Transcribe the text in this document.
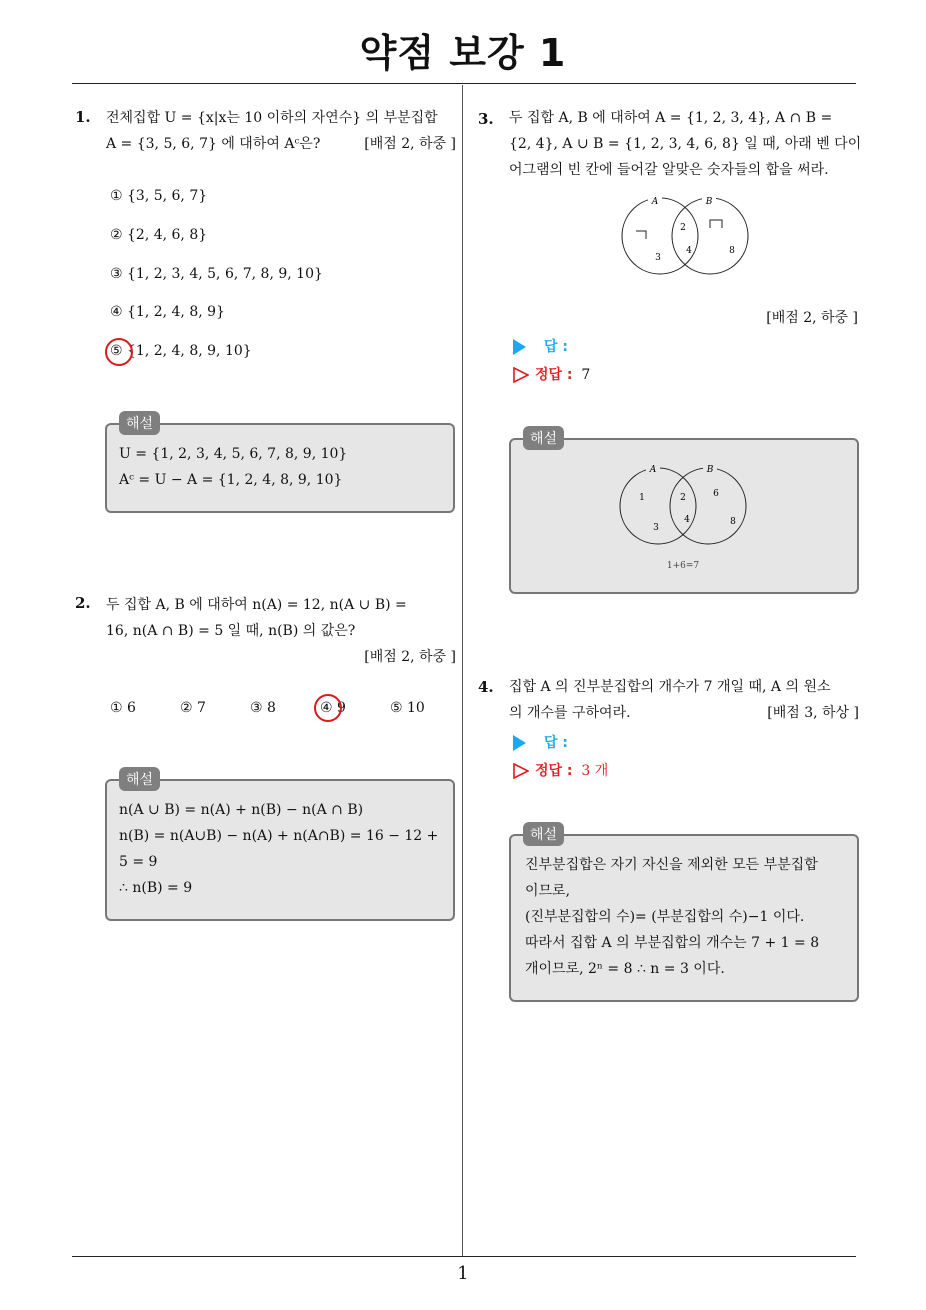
약점 보강 1
1
1. 전체집합 U = {x|x는 10 이하의 자연수} 의 부분집합
A = {3, 5, 6, 7} 에 대하여 Aᶜ은?	[배점 2, 하중 ]
① {3, 5, 6, 7}
② {2, 4, 6, 8}
③ {1, 2, 3, 4, 5, 6, 7, 8, 9, 10}
④ {1, 2, 4, 8, 9}
⑤ {1, 2, 4, 8, 9, 10}
해설
U = {1, 2, 3, 4, 5, 6, 7, 8, 9, 10}
Aᶜ = U − A = {1, 2, 4, 8, 9, 10}
2. 두 집합 A, B 에 대하여 n(A) = 12, n(A ∪ B) =
16, n(A ∩ B) = 5 일 때, n(B) 의 값은?
[배점 2, 하중 ]
① 6	② 7	③ 8	④ 9	⑤ 10
해설
n(A ∪ B) = n(A) + n(B) − n(A ∩ B)
n(B) = n(A∪B) − n(A) + n(A∩B) = 16 − 12 +
5 = 9
∴ n(B) = 9
3. 두 집합 A, B 에 대하여 A = {1, 2, 3, 4}, A ∩ B =
{2, 4}, A ∪ B = {1, 2, 3, 4, 6, 8} 일 때, 아래 벤 다이
어그램의 빈 칸에 들어갈 알맞은 숫자들의 합을 써라.
A	B
2
3
4	8
[배점 2, 하중 ]
답 :
정답 : 7
해설
A	B
1	2
3
4
6
8
1+6=7
4. 집합 A 의 진부분집합의 개수가 7 개일 때, A 의 원소
의 개수를 구하여라.	[배점 3, 하상 ]
답 :
정답 : 3 개
해설
진부분집합은 자기 자신을 제외한 모든 부분집합
이므로,
(진부분집합의 수)= (부분집합의 수)−1 이다.
따라서 집합 A 의 부분집합의 개수는 7 + 1 = 8
개이므로, 2ⁿ = 8 ∴ n = 3 이다.
